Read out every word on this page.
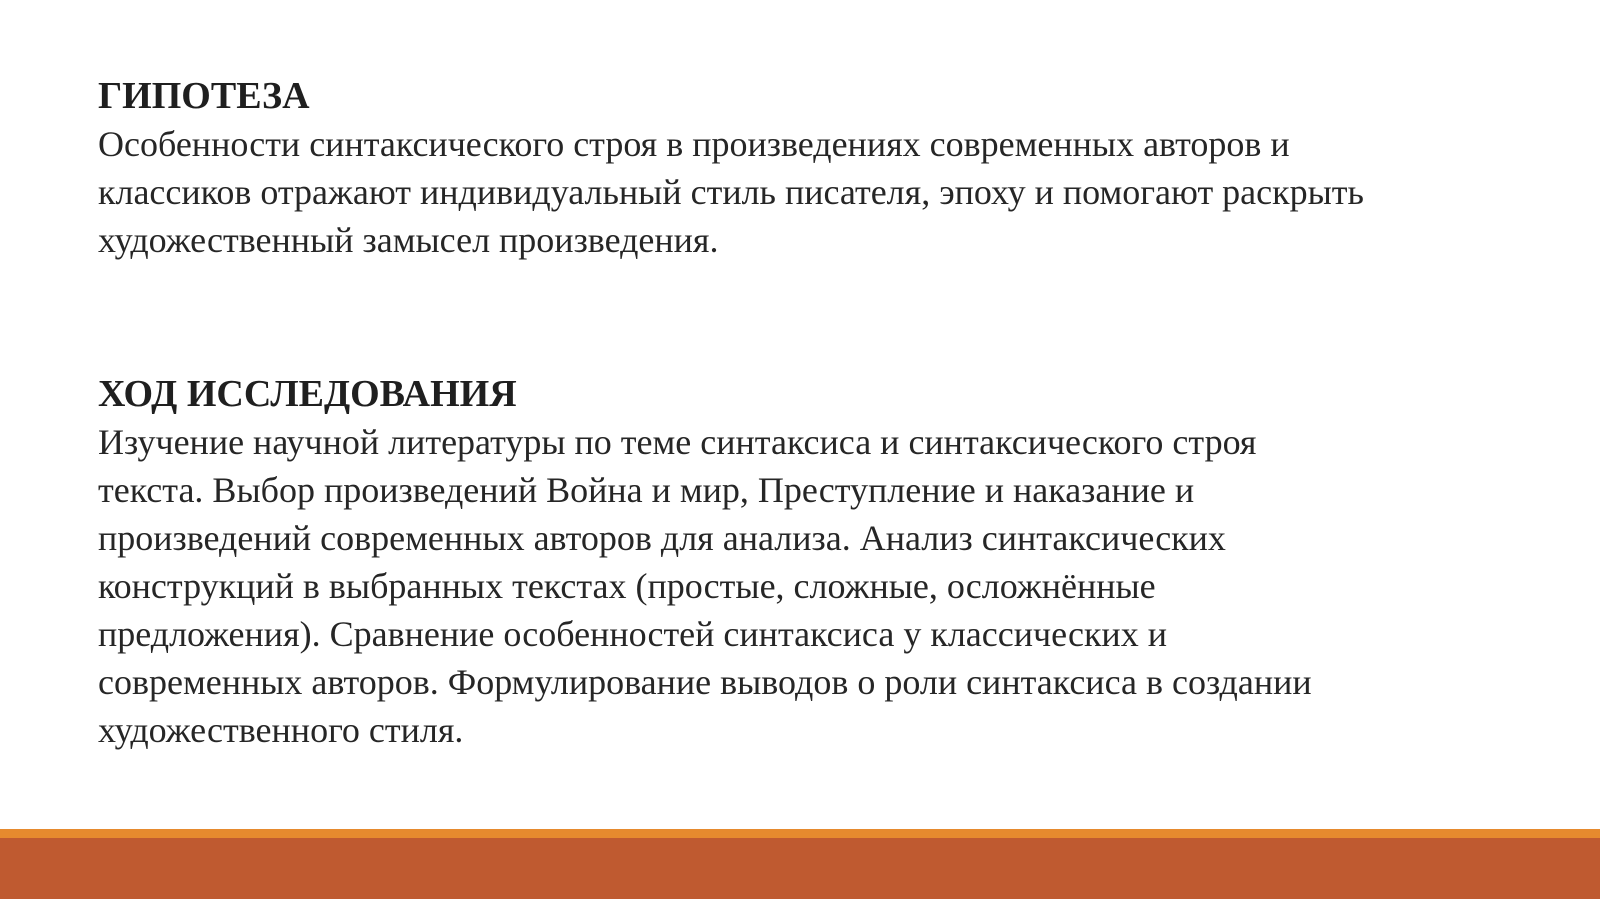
ГИПОТЕЗА

Особенности синтаксического строя в произведениях современных авторов и классиков отражают индивидуальный стиль писателя, эпоху и помогают раскрыть художественный замысел произведения.

ХОД ИССЛЕДОВАНИЯ

Изучение научной литературы по теме синтаксиса и синтаксического строя текста. Выбор произведений Война и мир, Преступление и наказание и произведений современных авторов для анализа. Анализ синтаксических конструкций в выбранных текстах (простые, сложные, осложнённые предложения). Сравнение особенностей синтаксиса у классических и современных авторов. Формулирование выводов о роли синтаксиса в создании художественного стиля.
